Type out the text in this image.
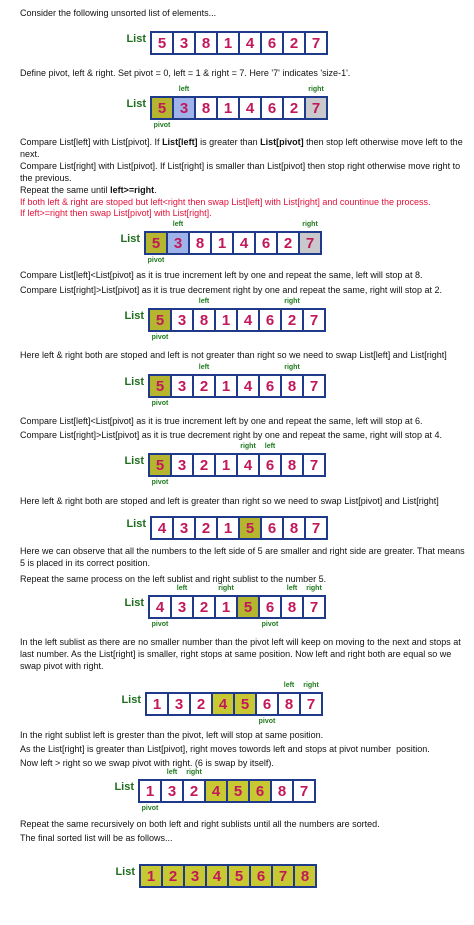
Consider the following unsorted list of elements...
List 5 3 8 1 4 6 2 7
Define pivot, left & right. Set pivot = 0, left = 1 & right = 7. Here '7' indicates 'size-1'.
List 5 3 8 1 4 6 2 7
left	right
pivot
Compare List[left] with List[pivot]. If List[left] is greater than List[pivot] then stop left otherwise move left to the next.
Compare List[right] with List[pivot]. If List[right] is smaller than List[pivot] then stop right otherwise move right to the previous.
Repeat the same until left>=right.
If both left & right are stoped but left<right then swap List[left] with List[right] and countinue the process.
If left>=right then swap List[pivot] with List[right].
List 5 3 8 1 4 6 2 7
left	right
pivot
Compare List[left]<List[pivot] as it is true increment left by one and repeat the same, left will stop at 8.
Compare List[right]>List[pivot] as it is true decrement right by one and repeat the same, right will stop at 2.
List 5 3 8 1 4 6 2 7
left	right
pivot
Here left & right both are stoped and left is not greater than right so we need to swap List[left] and List[right]
List 5 3 2 1 4 6 8 7
left	right
pivot
Compare List[left]<List[pivot] as it is true increment left by one and repeat the same, left will stop at 6.
Compare List[right]>List[pivot] as it is true decrement right by one and repeat the same, right will stop at 4.
List 5 3 2 1 4 6 8 7
right	left
pivot
Here left & right both are stoped and left is greater than right so we need to swap List[pivot] and List[right]
List 4 3 2 1 5 6 8 7
Here we can observe that all the numbers to the left side of 5 are smaller and right side are greater. That means 5 is placed in its correct position.
Repeat the same process on the left sublist and right sublist to the number 5.
List 4 3 2 1 5 6 8 7
left	right	left	right
pivot	pivot
In the left sublist as there are no smaller number than the pivot left will keep on moving to the next and stops at last number. As the List[right] is smaller, right stops at same position. Now left and right both are equal so we swap pivot with right.
List 1 3 2 4 5 6 8 7
left	right
pivot
In the right sublist left is grester than the pivot, left will stop at same position.
As the List[right] is greater than List[pivot], right moves towords left and stops at pivot number  position.
Now left > right so we swap pivot with right. (6 is swap by itself).
List 1 3 2 4 5 6 8 7
left	right
pivot
Repeat the same recursively on both left and right sublists until all the numbers are sorted.
The final sorted list will be as follows...
List 1 2 3 4 5 6 7 8
